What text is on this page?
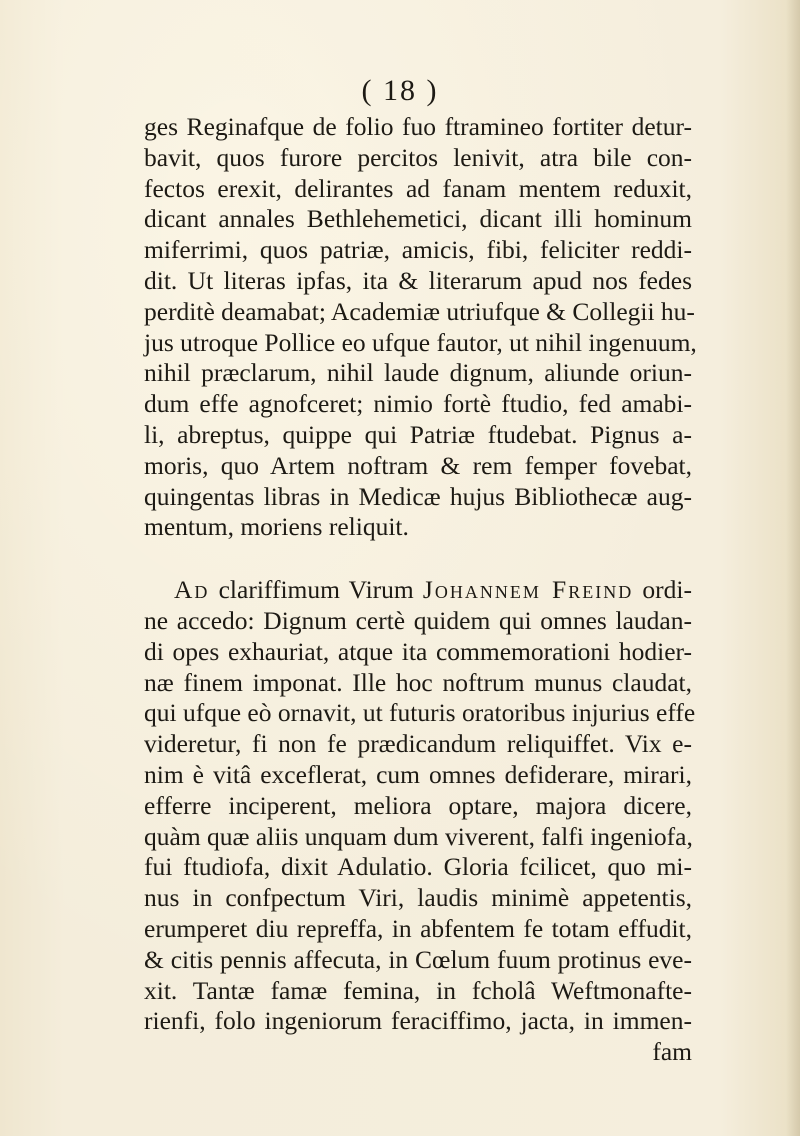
( 18 )
ges Reginafque de folio fuo ftramineo fortiter detur-
bavit, quos furore percitos lenivit, atra bile con-
fectos erexit, delirantes ad fanam mentem reduxit,
dicant annales Bethlehemetici, dicant illi hominum
miferrimi, quos patriæ, amicis, fibi, feliciter reddi-
dit. Ut literas ipfas, ita & literarum apud nos fedes
perditè deamabat; Academiæ utriufque & Collegii hu-
jus utroque Pollice eo ufque fautor, ut nihil ingenuum,
nihil præclarum, nihil laude dignum, aliunde oriun-
dum effe agnofceret; nimio fortè ftudio, fed amabi-
li, abreptus, quippe qui Patriæ ftudebat. Pignus a-
moris, quo Artem noftram & rem femper fovebat,
quingentas libras in Medicæ hujus Bibliothecæ aug-
mentum, moriens reliquit.
Ad clariffimum Virum Johannem Freind ordi-
ne accedo: Dignum certè quidem qui omnes laudan-
di opes exhauriat, atque ita commemorationi hodier-
næ finem imponat. Ille hoc noftrum munus claudat,
qui ufque eò ornavit, ut futuris oratoribus injurius effe
videretur, fi non fe prædicandum reliquiffet. Vix e-
nim è vitâ exceflerat, cum omnes defiderare, mirari,
efferre inciperent, meliora optare, majora dicere,
quàm quæ aliis unquam dum viverent, falfi ingeniofa,
fui ftudiofa, dixit Adulatio. Gloria fcilicet, quo mi-
nus in confpectum Viri, laudis minimè appetentis,
erumperet diu repreffa, in abfentem fe totam effudit,
& citis pennis affecuta, in Cœlum fuum protinus eve-
xit. Tantæ famæ femina, in fcholâ Weftmonafte-
rienfi, folo ingeniorum feraciffimo, jacta, in immen-
fam
